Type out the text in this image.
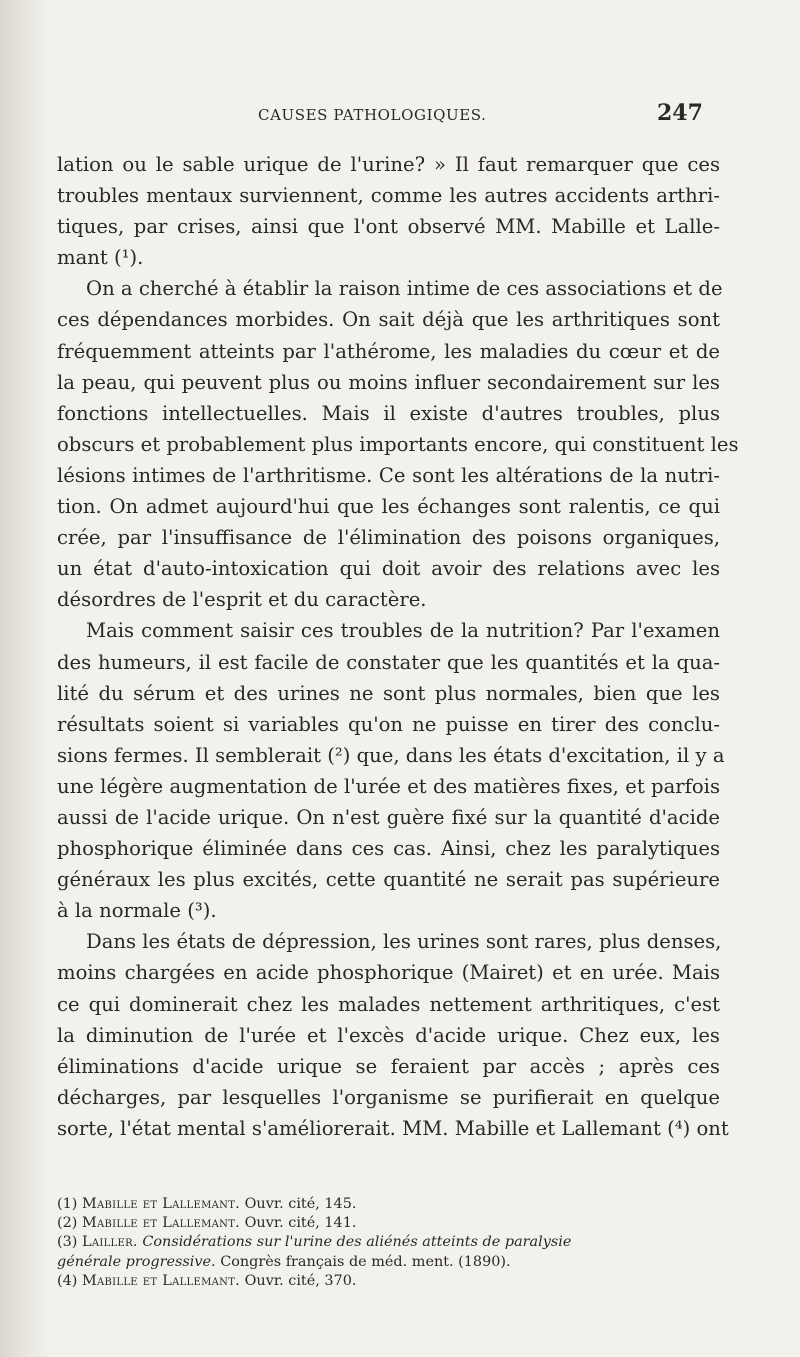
CAUSES PATHOLOGIQUES.	247
lation ou le sable urique de l'urine? » Il faut remarquer que ces
troubles mentaux surviennent, comme les autres accidents arthri-
tiques, par crises, ainsi que l'ont observé MM. Mabille et Lalle-
mant (¹).
On a cherché à établir la raison intime de ces associations et de
ces dépendances morbides. On sait déjà que les arthritiques sont
fréquemment atteints par l'athérome, les maladies du cœur et de
la peau, qui peuvent plus ou moins influer secondairement sur les
fonctions intellectuelles. Mais il existe d'autres troubles, plus
obscurs et probablement plus importants encore, qui constituent les
lésions intimes de l'arthritisme. Ce sont les altérations de la nutri-
tion. On admet aujourd'hui que les échanges sont ralentis, ce qui
crée, par l'insuffisance de l'élimination des poisons organiques,
un état d'auto-intoxication qui doit avoir des relations avec les
désordres de l'esprit et du caractère.
Mais comment saisir ces troubles de la nutrition? Par l'examen
des humeurs, il est facile de constater que les quantités et la qua-
lité du sérum et des urines ne sont plus normales, bien que les
résultats soient si variables qu'on ne puisse en tirer des conclu-
sions fermes. Il semblerait (²) que, dans les états d'excitation, il y a
une légère augmentation de l'urée et des matières fixes, et parfois
aussi de l'acide urique. On n'est guère fixé sur la quantité d'acide
phosphorique éliminée dans ces cas. Ainsi, chez les paralytiques
généraux les plus excités, cette quantité ne serait pas supérieure
à la normale (³).
Dans les états de dépression, les urines sont rares, plus denses,
moins chargées en acide phosphorique (Mairet) et en urée. Mais
ce qui dominerait chez les malades nettement arthritiques, c'est
la diminution de l'urée et l'excès d'acide urique. Chez eux, les
éliminations d'acide urique se feraient par accès ; après ces
décharges, par lesquelles l'organisme se purifierait en quelque
sorte, l'état mental s'améliorerait. MM. Mabille et Lallemant (⁴) ont
(1) Mabille et Lallemant. Ouvr. cité, 145.
(2) Mabille et Lallemant. Ouvr. cité, 141.
(3) Lailler. Considérations sur l'urine des aliénés atteints de paralysie
générale progressive. Congrès français de méd. ment. (1890).
(4) Mabille et Lallemant. Ouvr. cité, 370.
